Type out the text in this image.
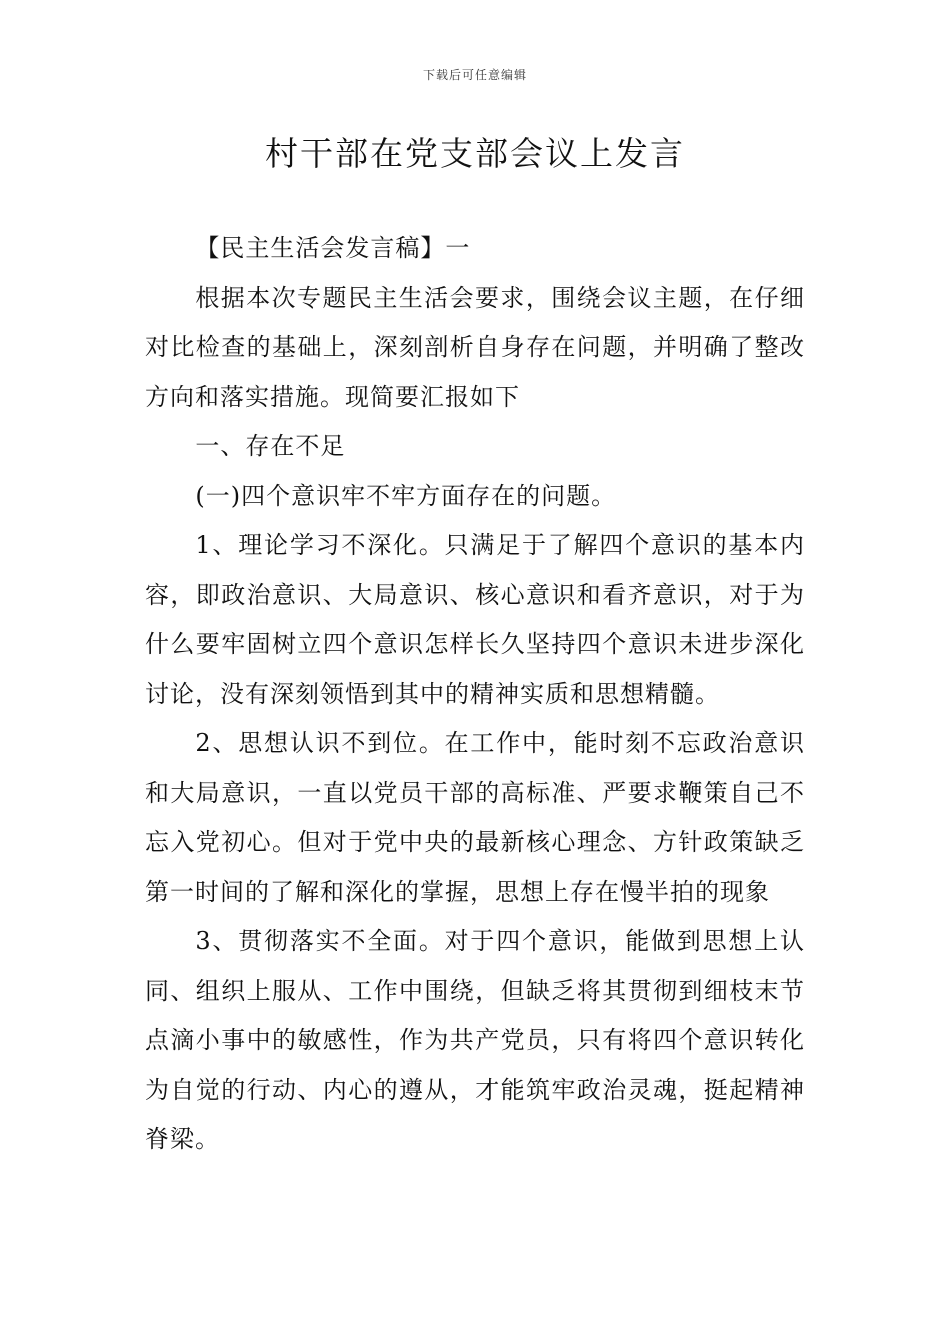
下载后可任意编辑
村干部在党支部会议上发言

【民主生活会发言稿】一

根据本次专题民主生活会要求，围绕会议主题，在仔细对比检查的基础上，深刻剖析自身存在问题，并明确了整改方向和落实措施。现简要汇报如下

一、存在不足

(一)四个意识牢不牢方面存在的问题。

1、理论学习不深化。只满足于了解四个意识的基本内容，即政治意识、大局意识、核心意识和看齐意识，对于为什么要牢固树立四个意识怎样长久坚持四个意识未进步深化讨论，没有深刻领悟到其中的精神实质和思想精髓。

2、思想认识不到位。在工作中，能时刻不忘政治意识和大局意识，一直以党员干部的高标准、严要求鞭策自己不忘入党初心。但对于党中央的最新核心理念、方针政策缺乏第一时间的了解和深化的掌握，思想上存在慢半拍的现象

3、贯彻落实不全面。对于四个意识，能做到思想上认同、组织上服从、工作中围绕，但缺乏将其贯彻到细枝末节点滴小事中的敏感性，作为共产党员，只有将四个意识转化为自觉的行动、内心的遵从，才能筑牢政治灵魂，挺起精神脊梁。
